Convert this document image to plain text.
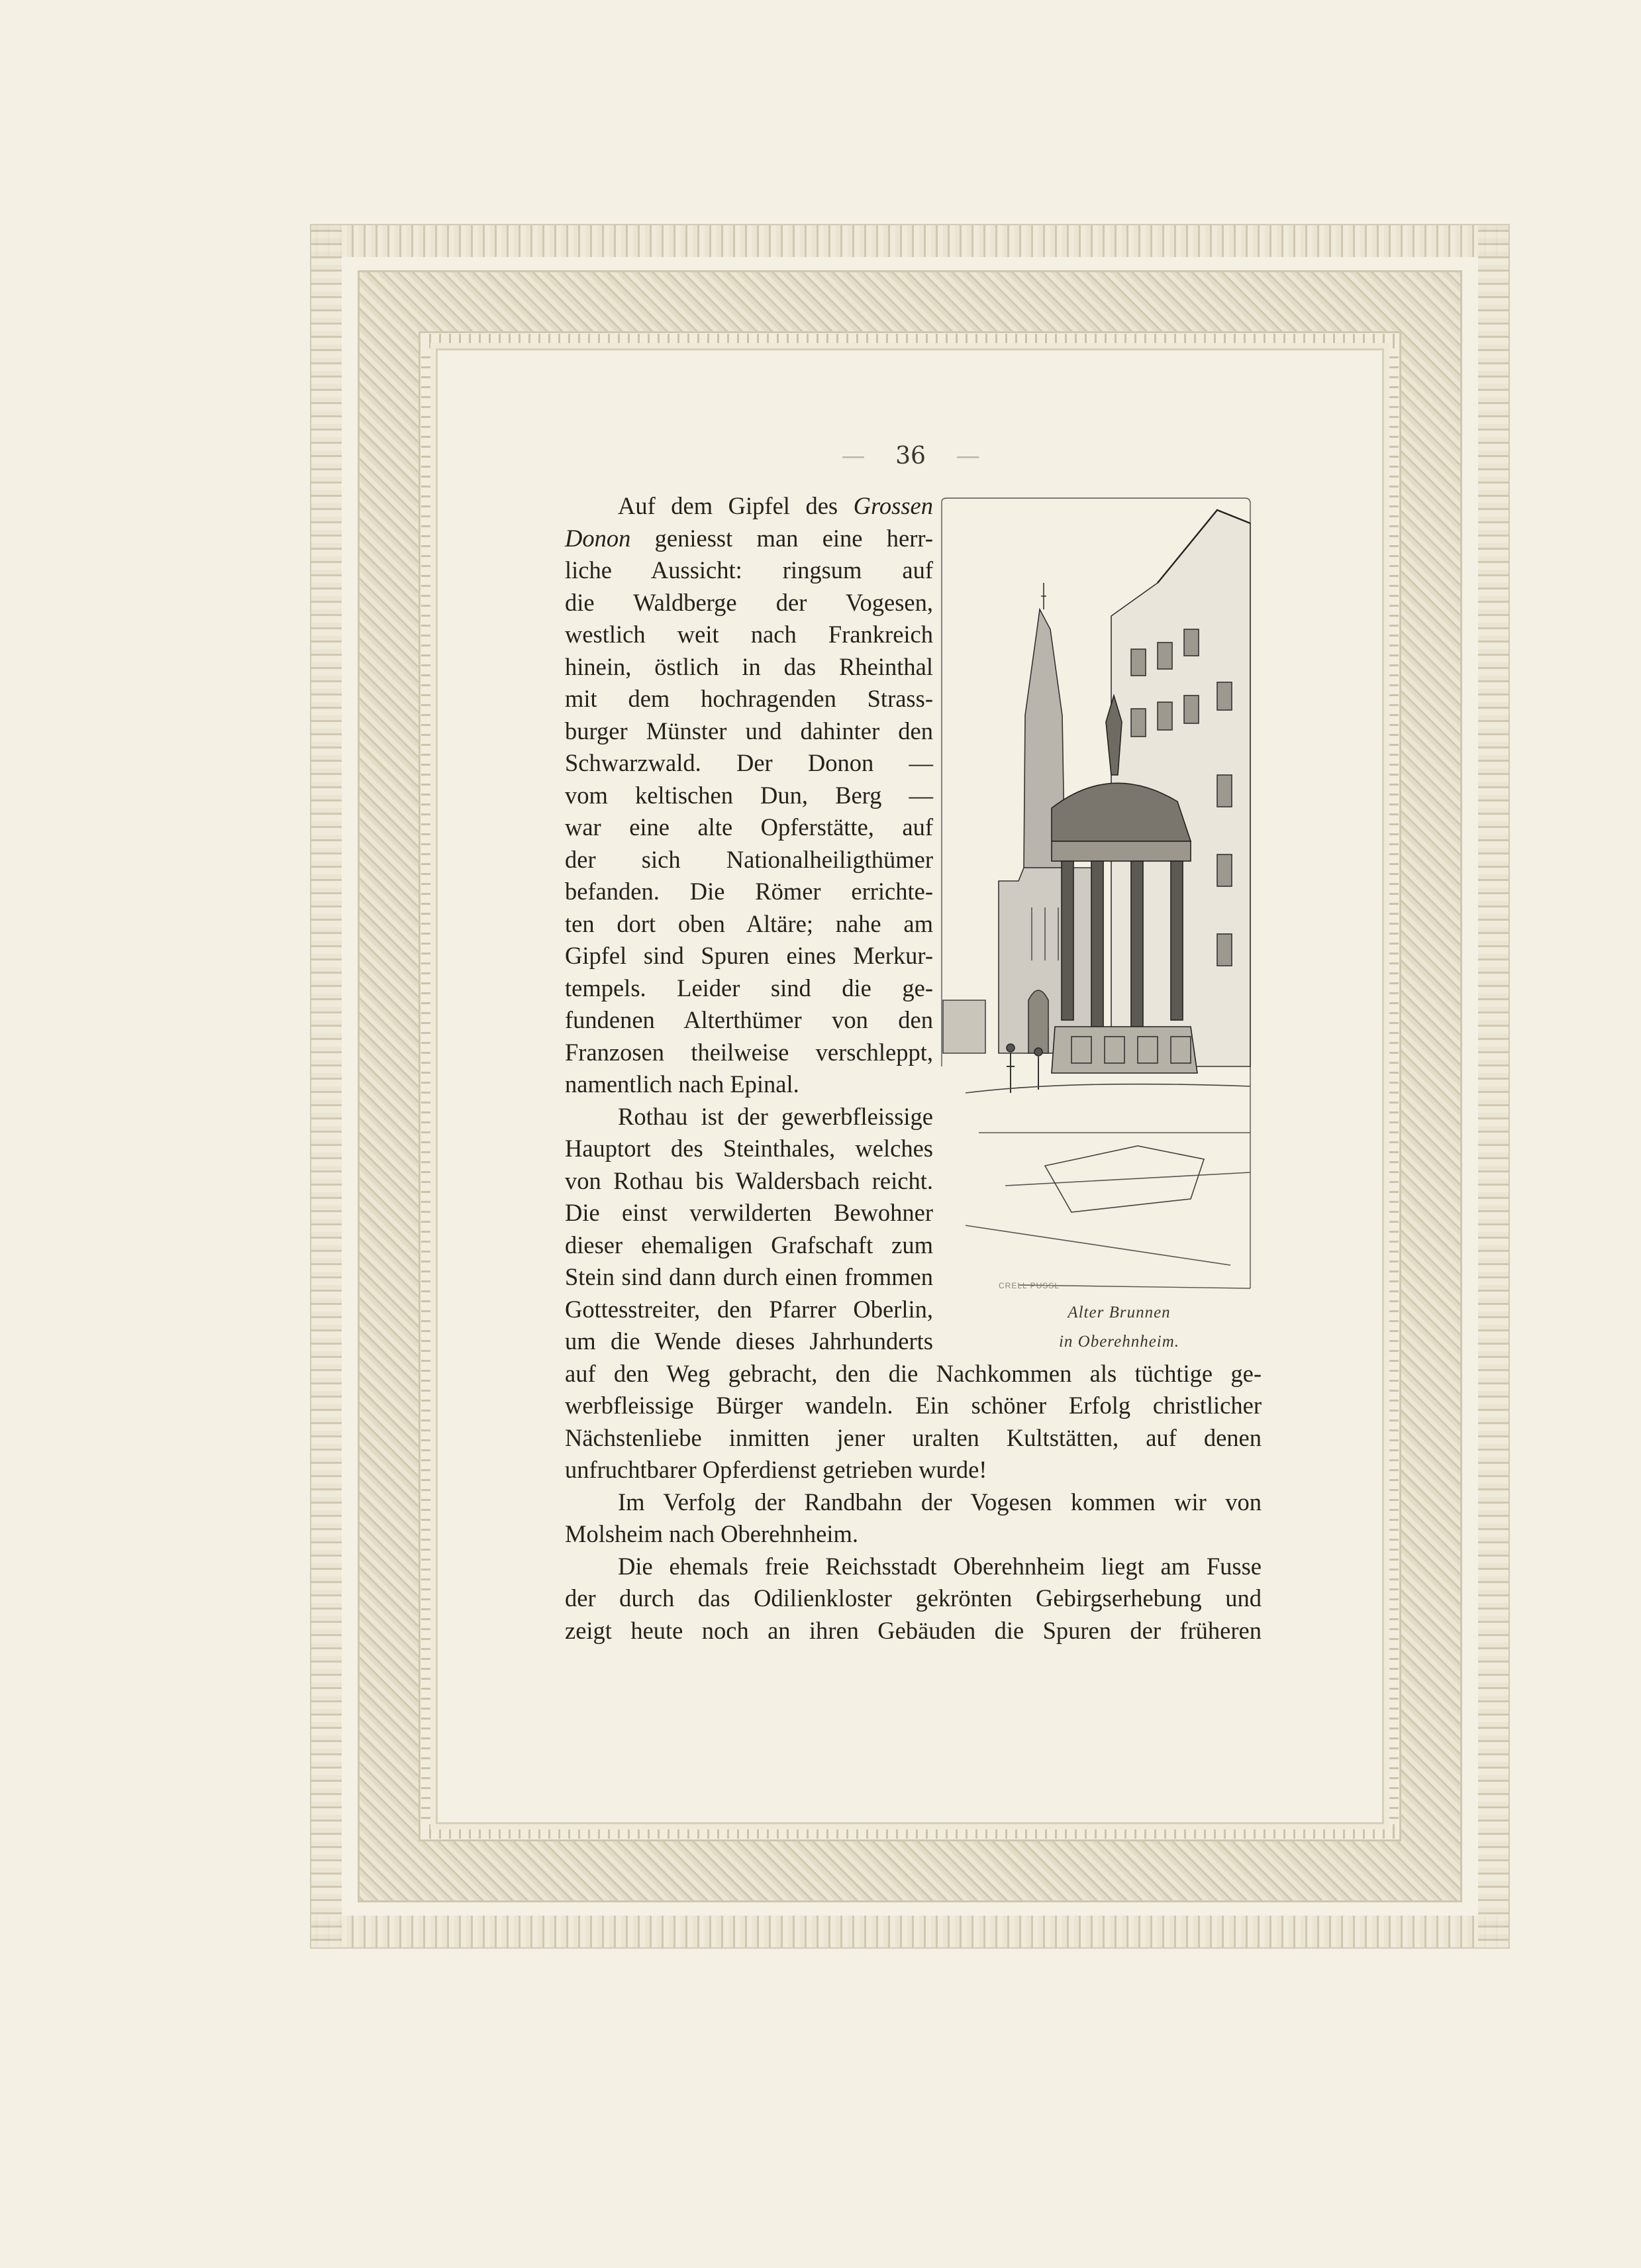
— 36 —
Auf dem Gipfel des Grossen
Donon geniesst man eine herr-
liche Aussicht: ringsum auf
die Waldberge der Vogesen,
westlich weit nach Frankreich
hinein, östlich in das Rheinthal
mit dem hochragenden Strass-
burger Münster und dahinter den
Schwarzwald. Der Donon —
vom keltischen Dun, Berg —
war eine alte Opferstätte, auf
der sich Nationalheiligthümer
befanden. Die Römer errichte-
ten dort oben Altäre; nahe am
Gipfel sind Spuren eines Merkur-
tempels. Leider sind die ge-
fundenen Alterthümer von den
Franzosen theilweise verschleppt,
namentlich nach Epinal.
Rothau ist der gewerbfleissige
Hauptort des Steinthales, welches
von Rothau bis Waldersbach reicht.
Die einst verwilderten Bewohner
dieser ehemaligen Grafschaft zum
Stein sind dann durch einen frommen
Gottesstreiter, den Pfarrer Oberlin,
um die Wende dieses Jahrhunderts
auf den Weg gebracht, den die Nachkommen als tüchtige ge-
werbfleissige Bürger wandeln. Ein schöner Erfolg christlicher
Nächstenliebe inmitten jener uralten Kultstätten, auf denen
unfruchtbarer Opferdienst getrieben wurde!
Im Verfolg der Randbahn der Vogesen kommen wir von
Molsheim nach Oberehnheim.
Die ehemals freie Reichsstadt Oberehnheim liegt am Fusse
der durch das Odilienkloster gekrönten Gebirgserhebung und
zeigt heute noch an ihren Gebäuden die Spuren der früheren
CRELL PUSSL
Alter Brunnen
in Oberehnheim.
